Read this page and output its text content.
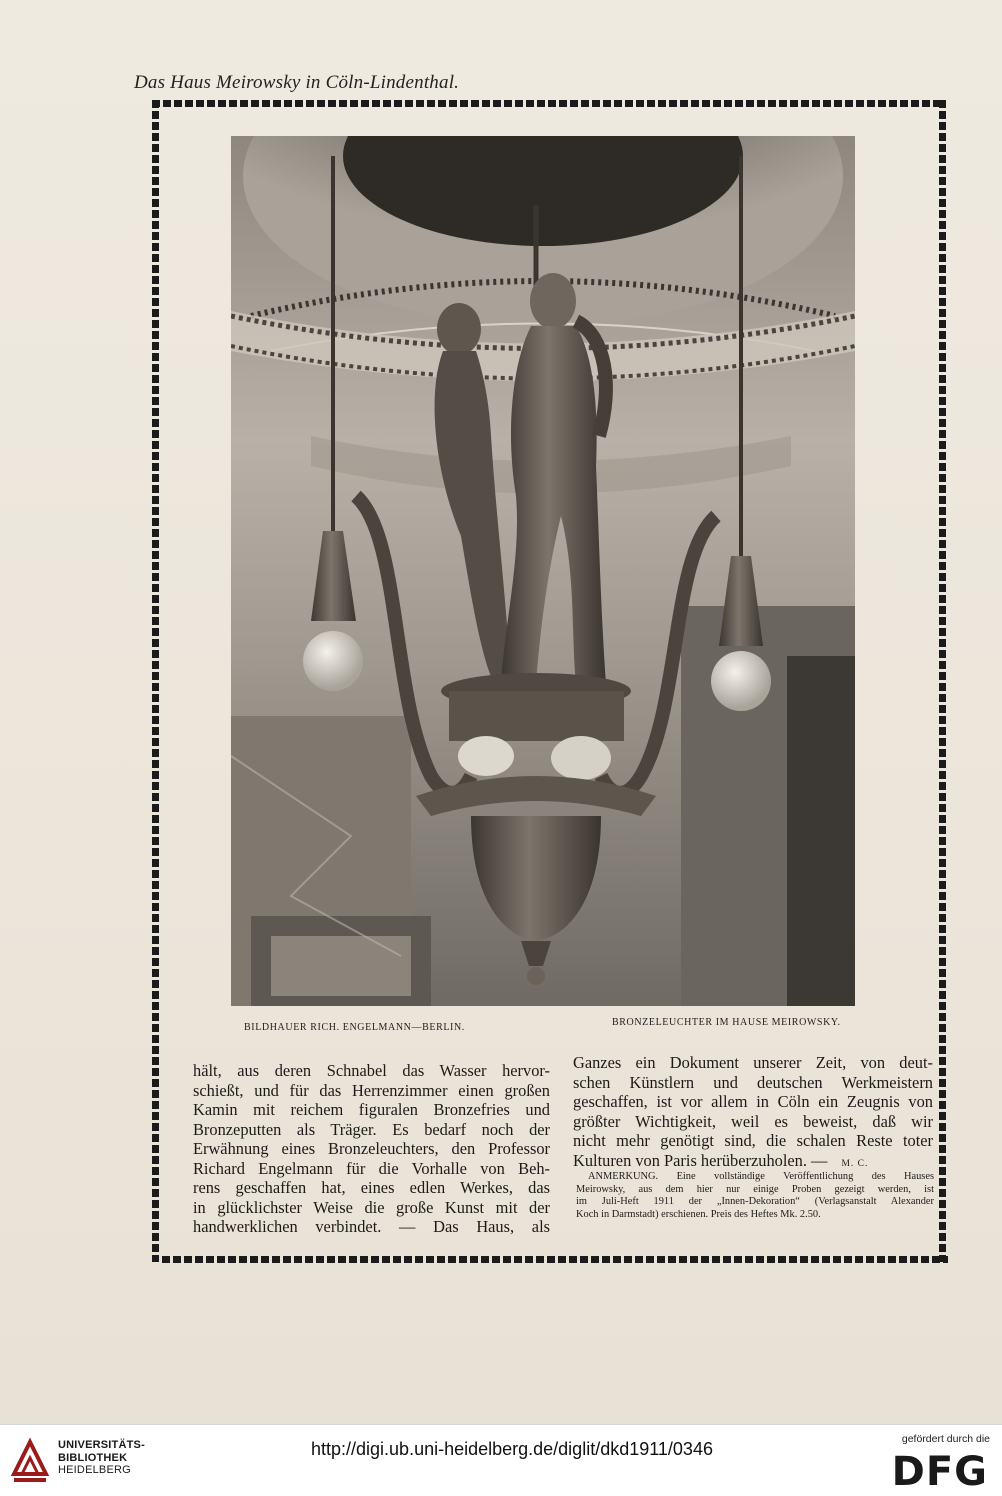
Das Haus Meirowsky in Cöln-Lindenthal.
BILDHAUER RICH. ENGELMANN—BERLIN.	BRONZELEUCHTER IM HAUSE MEIROWSKY.
hält, aus deren Schnabel das Wasser hervor-
schießt, und für das Herrenzimmer einen großen
Kamin mit reichem figuralen Bronzefries und
Bronzeputten als Träger. Es bedarf noch der
Erwähnung eines Bronzeleuchters, den Professor
Richard Engelmann für die Vorhalle von Beh-
rens geschaffen hat, eines edlen Werkes, das
in glücklichster Weise die große Kunst mit der
handwerklichen verbindet. — Das Haus, als
Ganzes ein Dokument unserer Zeit, von deut-
schen Künstlern und deutschen Werkmeistern
geschaffen, ist vor allem in Cöln ein Zeugnis von
größter Wichtigkeit, weil es beweist, daß wir
nicht mehr genötigt sind, die schalen Reste toter
Kulturen von Paris herüberzuholen. — M. C.
ANMERKUNG. Eine vollständige Veröffentlichung des Hauses
Meirowsky, aus dem hier nur einige Proben gezeigt werden, ist
im Juli-Heft 1911 der „Innen-Dekoration“ (Verlagsanstalt Alexander
Koch in Darmstadt) erschienen. Preis des Heftes Mk. 2.50.
UNIVERSITÄTS-
BIBLIOTHEK
HEIDELBERG
http://digi.ub.uni-heidelberg.de/diglit/dkd1911/0346	gefördert durch die
DFG
